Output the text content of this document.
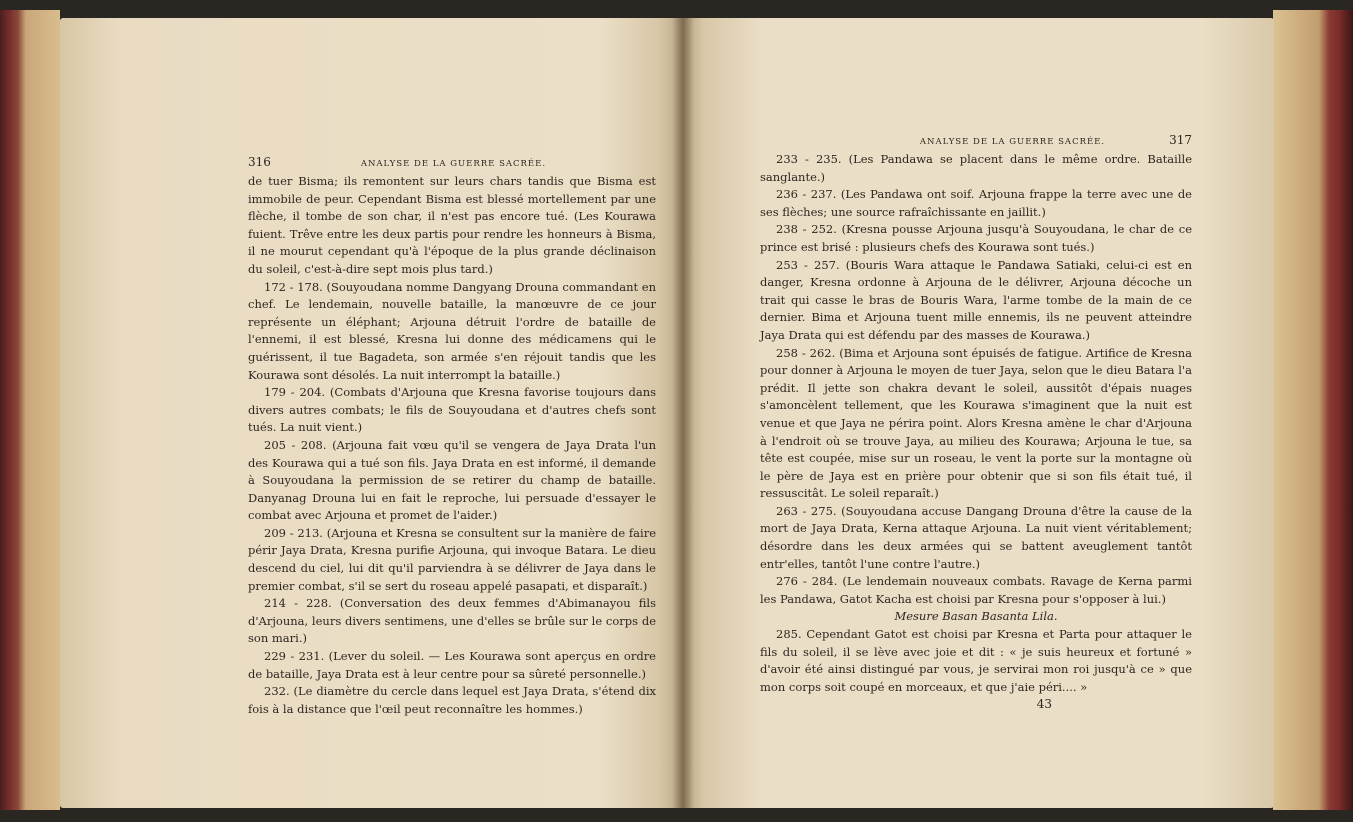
316	ANALYSE DE LA GUERRE SACRÉE.

de tuer Bisma; ils remontent sur leurs chars tandis que Bisma est immobile de peur. Cependant Bisma est blessé mortellement par une flèche, il tombe de son char, il n'est pas encore tué. (Les Kourawa fuient. Trêve entre les deux partis pour rendre les honneurs à Bisma, il ne mourut cependant qu'à l'époque de la plus grande déclinaison du soleil, c'est-à-dire sept mois plus tard.)

172 - 178. (Souyoudana nomme Dangyang Drouna commandant en chef. Le lendemain, nouvelle bataille, la manœuvre de ce jour représente un éléphant; Arjouna détruit l'ordre de bataille de l'ennemi, il est blessé, Kresna lui donne des médicamens qui le guérissent, il tue Bagadeta, son armée s'en réjouit tandis que les Kourawa sont désolés. La nuit interrompt la bataille.)

179 - 204. (Combats d'Arjouna que Kresna favorise toujours dans divers autres combats; le fils de Souyoudana et d'autres chefs sont tués. La nuit vient.)

205 - 208. (Arjouna fait vœu qu'il se vengera de Jaya Drata l'un des Kourawa qui a tué son fils. Jaya Drata en est informé, il demande à Souyoudana la permission de se retirer du champ de bataille. Danyanag Drouna lui en fait le reproche, lui persuade d'essayer le combat avec Arjouna et promet de l'aider.)

209 - 213. (Arjouna et Kresna se consultent sur la manière de faire périr Jaya Drata, Kresna purifie Arjouna, qui invoque Batara. Le dieu descend du ciel, lui dit qu'il parviendra à se délivrer de Jaya dans le premier combat, s'il se sert du roseau appelé pasapati, et disparaît.)

214 - 228. (Conversation des deux femmes d'Abimanayou fils d'Arjouna, leurs divers sentimens, une d'elles se brûle sur le corps de son mari.)

229 - 231. (Lever du soleil. — Les Kourawa sont aperçus en ordre de bataille, Jaya Drata est à leur centre pour sa sûreté personnelle.)

232. (Le diamètre du cercle dans lequel est Jaya Drata, s'étend dix fois à la distance que l'œil peut reconnaître les hommes.)

ANALYSE DE LA GUERRE SACRÉE.	317

233 - 235. (Les Pandawa se placent dans le même ordre. Bataille sanglante.)

236 - 237. (Les Pandawa ont soif. Arjouna frappe la terre avec une de ses flèches; une source rafraîchissante en jaillit.)

238 - 252. (Kresna pousse Arjouna jusqu'à Souyoudana, le char de ce prince est brisé : plusieurs chefs des Kourawa sont tués.)

253 - 257. (Bouris Wara attaque le Pandawa Satiaki, celui-ci est en danger, Kresna ordonne à Arjouna de le délivrer, Arjouna décoche un trait qui casse le bras de Bouris Wara, l'arme tombe de la main de ce dernier. Bima et Arjouna tuent mille ennemis, ils ne peuvent atteindre Jaya Drata qui est défendu par des masses de Kourawa.)

258 - 262. (Bima et Arjouna sont épuisés de fatigue. Artifice de Kresna pour donner à Arjouna le moyen de tuer Jaya, selon que le dieu Batara l'a prédit. Il jette son chakra devant le soleil, aussitôt d'épais nuages s'amoncèlent tellement, que les Kourawa s'imaginent que la nuit est venue et que Jaya ne périra point. Alors Kresna amène le char d'Arjouna à l'endroit où se trouve Jaya, au milieu des Kourawa; Arjouna le tue, sa tête est coupée, mise sur un roseau, le vent la porte sur la montagne où le père de Jaya est en prière pour obtenir que si son fils était tué, il ressuscitât. Le soleil reparaît.)

263 - 275. (Souyoudana accuse Dangang Drouna d'être la cause de la mort de Jaya Drata, Kerna attaque Arjouna. La nuit vient véritablement; désordre dans les deux armées qui se battent aveuglement tantôt entr'elles, tantôt l'une contre l'autre.)

276 - 284. (Le lendemain nouveaux combats. Ravage de Kerna parmi les Pandawa, Gatot Kacha est choisi par Kresna pour s'opposer à lui.)

Mesure Basan Basanta Lila.

285. Cependant Gatot est choisi par Kresna et Parta pour attaquer le fils du soleil, il se lève avec joie et dit : « je suis heureux et fortuné » d'avoir été ainsi distingué par vous, je servirai mon roi jusqu'à ce » que mon corps soit coupé en morceaux, et que j'aie péri.... »

43
